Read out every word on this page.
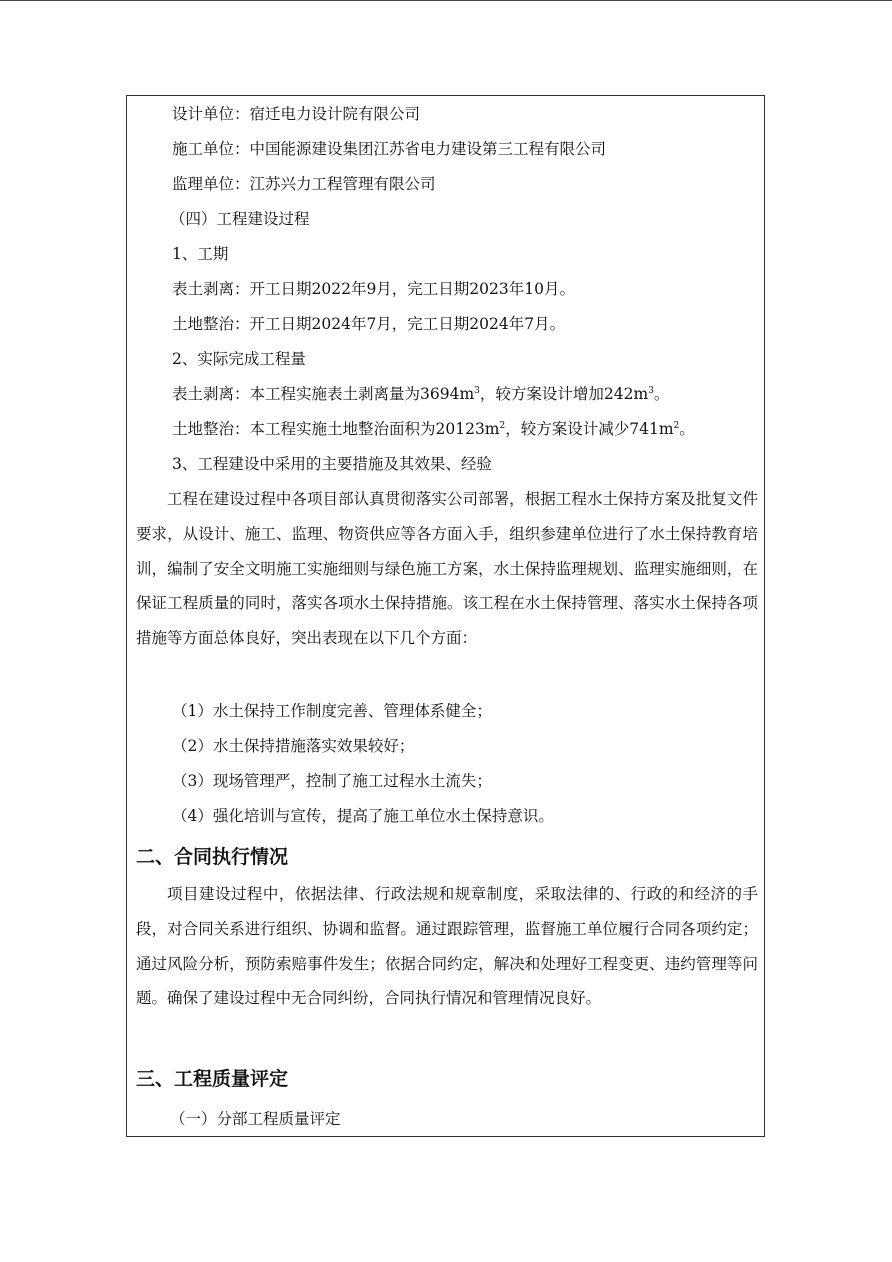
设计单位：宿迁电力设计院有限公司
施工单位：中国能源建设集团江苏省电力建设第三工程有限公司
监理单位：江苏兴力工程管理有限公司
（四）工程建设过程
1、工期
表土剥离：开工日期2022年9月，完工日期2023年10月。
土地整治：开工日期2024年7月，完工日期2024年7月。
2、实际完成工程量
表土剥离：本工程实施表土剥离量为$3694m^3$，较方案设计增加$242m^3$。
土地整治：本工程实施土地整治面积为$20123m^2$，较方案设计减少$741m^2$。
3、工程建设中采用的主要措施及其效果、经验
工程在建设过程中各项目部认真贯彻落实公司部署，根据工程水土保持方案及批复文件要求，从设计、施工、监理、物资供应等各方面入手，组织参建单位进行了水土保持教育培训，编制了安全文明施工实施细则与绿色施工方案，水土保持监理规划、监理实施细则，在保证工程质量的同时，落实各项水土保持措施。该工程在水土保持管理、落实水土保持各项措施等方面总体良好，突出表现在以下几个方面：
（1）水土保持工作制度完善、管理体系健全；
（2）水土保持措施落实效果较好；
（3）现场管理严，控制了施工过程水土流失；
（4）强化培训与宣传，提高了施工单位水土保持意识。
二、合同执行情况
项目建设过程中，依据法律、行政法规和规章制度，采取法律的、行政的和经济的手段，对合同关系进行组织、协调和监督。通过跟踪管理，监督施工单位履行合同各项约定；通过风险分析，预防索赔事件发生；依据合同约定，解决和处理好工程变更、违约管理等问题。确保了建设过程中无合同纠纷，合同执行情况和管理情况良好。
三、工程质量评定
（一）分部工程质量评定
